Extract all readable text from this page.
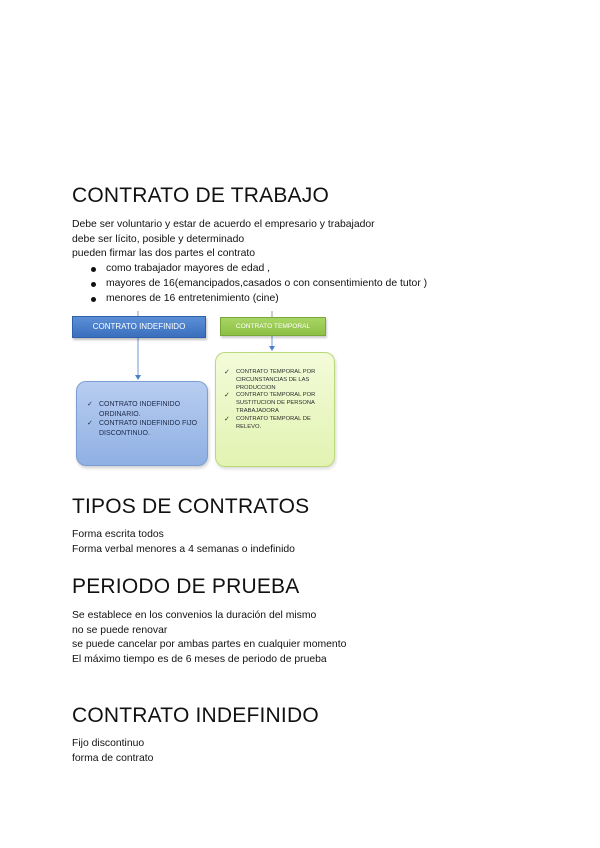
CONTRATO DE TRABAJO
Debe ser voluntario y estar de acuerdo el empresario y trabajador
debe ser lícito, posible y determinado
pueden firmar las dos partes el contrato
como trabajador mayores de edad ,
mayores de 16(emancipados,casados o con consentimiento de tutor )
menores de 16 entretenimiento (cine)
CONTRATO INDEFINIDO	CONTRATO TEMPORAL
✓ CONTRATO INDEFINIDO ORDINARIO.
✓ CONTRATO INDEFINIDO FIJO DISCONTINUO.
✓ CONTRATO TEMPORAL POR CIRCUNSTANCIAS DE LAS PRODUCCION
✓ CONTRATO TEMPORAL POR SUSTITUCION DE PERSONA TRABAJADORA
✓ CONTRATO TEMPORAL DE RELEVO.
TIPOS DE CONTRATOS
Forma escrita todos
Forma verbal menores a 4 semanas o indefinido
PERIODO DE PRUEBA
Se establece en los convenios la duración del mismo
no se puede renovar
se puede cancelar por ambas partes en cualquier momento
El máximo tiempo es de 6 meses de periodo de prueba
CONTRATO INDEFINIDO
Fijo discontinuo
forma de contrato
